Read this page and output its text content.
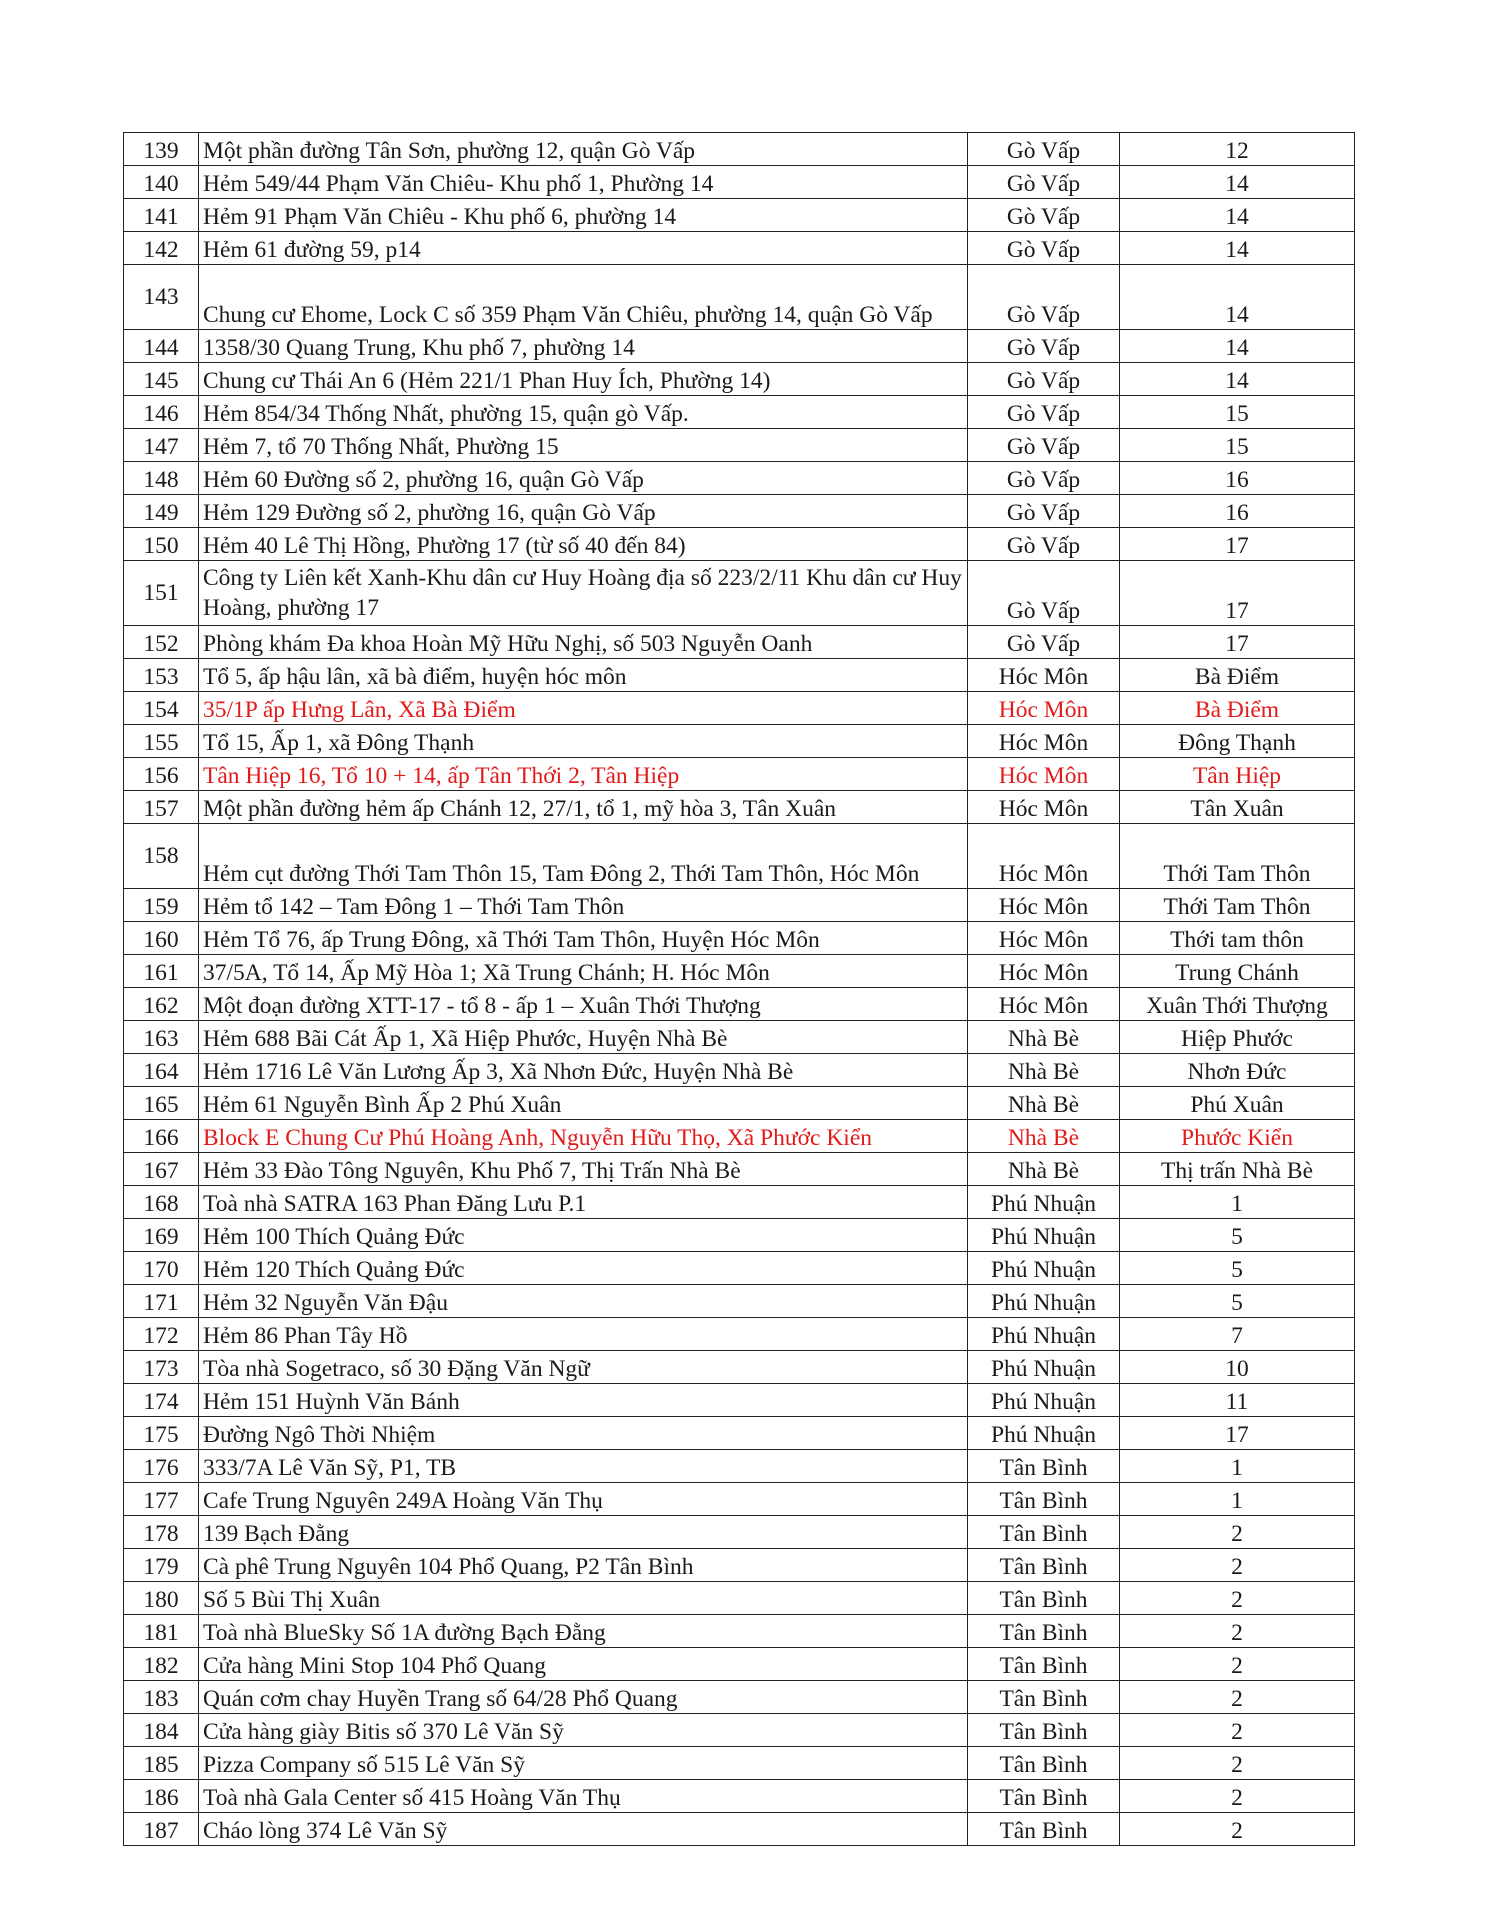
139	Một phần đường Tân Sơn, phường 12, quận Gò Vấp	Gò Vấp	12
140	Hẻm 549/44 Phạm Văn Chiêu- Khu phố 1, Phường 14	Gò Vấp	14
141	Hẻm 91 Phạm Văn Chiêu - Khu phố 6, phường 14	Gò Vấp	14
142	Hẻm 61 đường 59, p14	Gò Vấp	14
143	Chung cư Ehome, Lock C số 359 Phạm Văn Chiêu, phường 14, quận Gò Vấp	Gò Vấp	14
144	1358/30 Quang Trung, Khu phố 7, phường 14	Gò Vấp	14
145	Chung cư Thái An 6 (Hẻm 221/1 Phan Huy Ích, Phường 14)	Gò Vấp	14
146	Hẻm 854/34 Thống Nhất, phường 15, quận gò Vấp.	Gò Vấp	15
147	Hẻm 7, tổ 70 Thống Nhất, Phường 15	Gò Vấp	15
148	Hẻm 60 Đường số 2, phường 16, quận Gò Vấp	Gò Vấp	16
149	Hẻm 129 Đường số 2, phường 16, quận Gò Vấp	Gò Vấp	16
150	Hẻm 40 Lê Thị Hồng, Phường 17 (từ số 40 đến 84)	Gò Vấp	17
151	Công ty Liên kết Xanh-Khu dân cư Huy Hoàng địa số 223/2/11 Khu dân cư Huy Hoàng, phường 17	Gò Vấp	17
152	Phòng khám Đa khoa Hoàn Mỹ Hữu Nghị, số 503 Nguyễn Oanh	Gò Vấp	17
153	Tổ 5, ấp hậu lân, xã bà điểm, huyện hóc môn	Hóc Môn	Bà Điểm
154	35/1P ấp Hưng Lân, Xã Bà Điểm	Hóc Môn	Bà Điểm
155	Tổ 15, Ấp 1, xã Đông Thạnh	Hóc Môn	Đông Thạnh
156	Tân Hiệp 16, Tổ 10 + 14, ấp Tân Thới 2, Tân Hiệp	Hóc Môn	Tân Hiệp
157	Một phần đường hẻm ấp Chánh 12, 27/1, tổ 1, mỹ hòa 3, Tân Xuân	Hóc Môn	Tân Xuân
158	Hẻm cụt đường Thới Tam Thôn 15, Tam Đông 2, Thới Tam Thôn, Hóc Môn	Hóc Môn	Thới Tam Thôn
159	Hẻm tổ 142 – Tam Đông 1 – Thới Tam Thôn	Hóc Môn	Thới Tam Thôn
160	Hẻm Tổ 76, ấp Trung Đông, xã Thới Tam Thôn, Huyện Hóc Môn	Hóc Môn	Thới tam thôn
161	37/5A, Tổ 14, Ấp Mỹ Hòa 1; Xã Trung Chánh; H. Hóc Môn	Hóc Môn	Trung Chánh
162	Một đoạn đường XTT-17 - tổ 8 - ấp 1 – Xuân Thới Thượng	Hóc Môn	Xuân Thới Thượng
163	Hẻm 688 Bãi Cát Ấp 1, Xã Hiệp Phước, Huyện Nhà Bè	Nhà Bè	Hiệp Phước
164	Hẻm 1716 Lê Văn Lương Ấp 3, Xã Nhơn Đức, Huyện Nhà Bè	Nhà Bè	Nhơn Đức
165	Hẻm 61 Nguyễn Bình Ấp 2 Phú Xuân	Nhà Bè	Phú Xuân
166	Block E Chung Cư Phú Hoàng Anh, Nguyễn Hữu Thọ, Xã Phước Kiển	Nhà Bè	Phước Kiển
167	Hẻm 33 Đào Tông Nguyên, Khu Phố 7, Thị Trấn Nhà Bè	Nhà Bè	Thị trấn Nhà Bè
168	Toà nhà SATRA 163 Phan Đăng Lưu P.1	Phú Nhuận	1
169	Hẻm 100 Thích Quảng Đức	Phú Nhuận	5
170	Hẻm 120 Thích Quảng Đức	Phú Nhuận	5
171	Hẻm 32 Nguyễn Văn Đậu	Phú Nhuận	5
172	Hẻm 86 Phan Tây Hồ	Phú Nhuận	7
173	Tòa nhà Sogetraco, số 30 Đặng Văn Ngữ	Phú Nhuận	10
174	Hẻm 151 Huỳnh Văn Bánh	Phú Nhuận	11
175	Đường Ngô Thời Nhiệm	Phú Nhuận	17
176	333/7A Lê Văn Sỹ, P1, TB	Tân Bình	1
177	Cafe Trung Nguyên 249A Hoàng Văn Thụ	Tân Bình	1
178	139 Bạch Đằng	Tân Bình	2
179	Cà phê Trung Nguyên 104 Phổ Quang, P2 Tân Bình	Tân Bình	2
180	Số 5 Bùi Thị Xuân	Tân Bình	2
181	Toà nhà BlueSky Số 1A đường Bạch Đằng	Tân Bình	2
182	Cửa hàng Mini Stop 104 Phổ Quang	Tân Bình	2
183	Quán cơm chay Huyền Trang số 64/28 Phổ Quang	Tân Bình	2
184	Cửa hàng giày Bitis số 370 Lê Văn Sỹ	Tân Bình	2
185	Pizza Company số 515 Lê Văn Sỹ	Tân Bình	2
186	Toà nhà Gala Center số 415 Hoàng Văn Thụ	Tân Bình	2
187	Cháo lòng 374 Lê Văn Sỹ	Tân Bình	2
